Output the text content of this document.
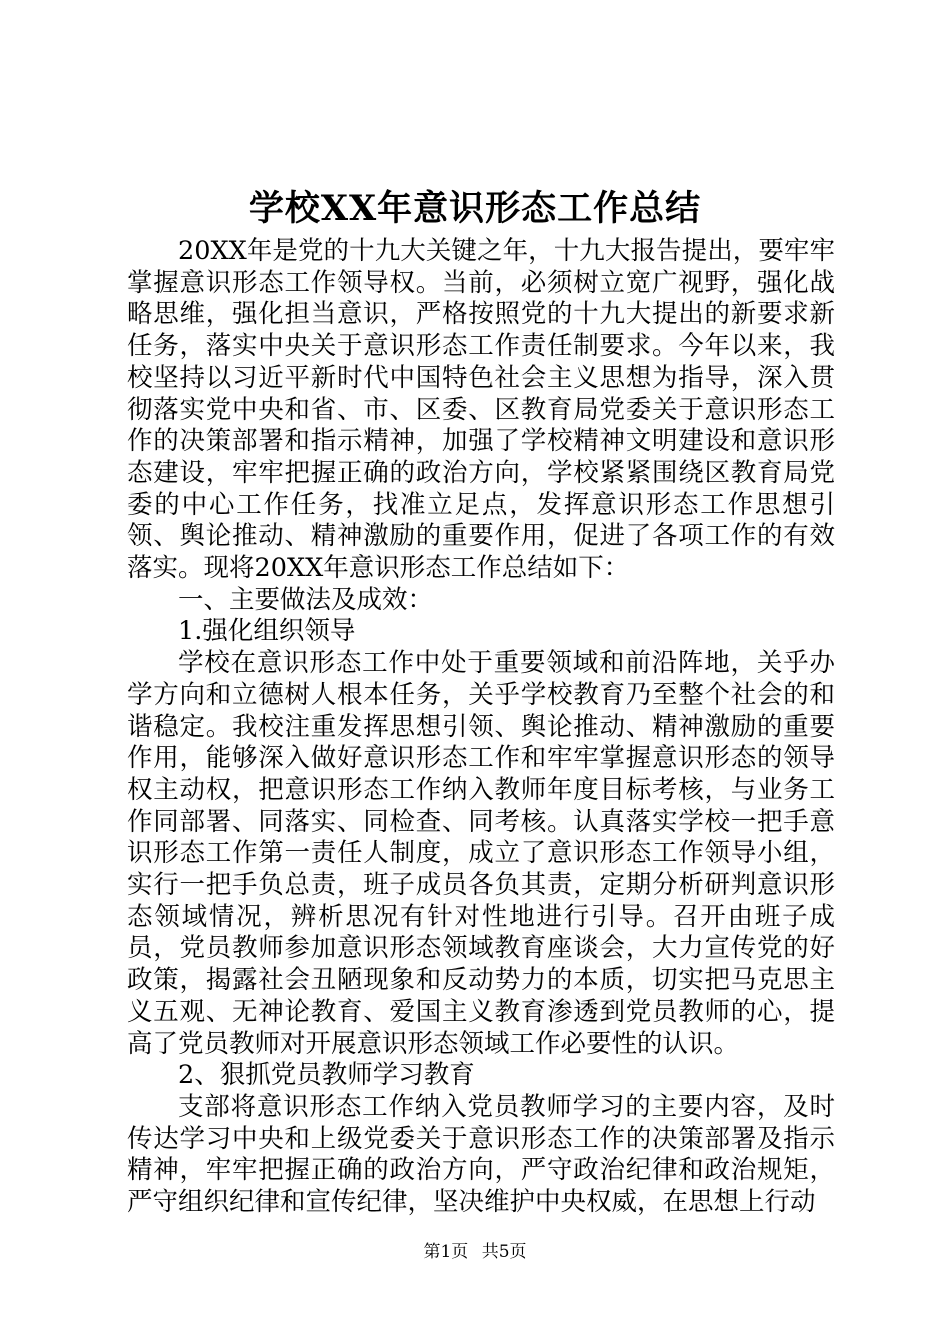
学校XX年意识形态工作总结

20XX年是党的十九大关键之年，十九大报告提出，要牢牢掌握意识形态工作领导权。当前，必须树立宽广视野，强化战略思维，强化担当意识，严格按照党的十九大提出的新要求新任务，落实中央关于意识形态工作责任制要求。今年以来，我校坚持以习近平新时代中国特色社会主义思想为指导，深入贯彻落实党中央和省、市、区委、区教育局党委关于意识形态工作的决策部署和指示精神，加强了学校精神文明建设和意识形态建设，牢牢把握正确的政治方向，学校紧紧围绕区教育局党委的中心工作任务，找准立足点，发挥意识形态工作思想引领、舆论推动、精神激励的重要作用，促进了各项工作的有效落实。现将20XX年意识形态工作总结如下：

一、主要做法及成效：

1.强化组织领导

学校在意识形态工作中处于重要领域和前沿阵地，关乎办学方向和立德树人根本任务，关乎学校教育乃至整个社会的和谐稳定。我校注重发挥思想引领、舆论推动、精神激励的重要作用，能够深入做好意识形态工作和牢牢掌握意识形态的领导权主动权，把意识形态工作纳入教师年度目标考核，与业务工作同部署、同落实、同检查、同考核。认真落实学校一把手意识形态工作第一责任人制度，成立了意识形态工作领导小组，实行一把手负总责，班子成员各负其责，定期分析研判意识形态领域情况，辨析思况有针对性地进行引导。召开由班子成员，党员教师参加意识形态领域教育座谈会，大力宣传党的好政策，揭露社会丑陋现象和反动势力的本质，切实把马克思主义五观、无神论教育、爱国主义教育渗透到党员教师的心，提高了党员教师对开展意识形态领域工作必要性的认识。

2、狠抓党员教师学习教育

支部将意识形态工作纳入党员教师学习的主要内容，及时传达学习中央和上级党委关于意识形态工作的决策部署及指示精神，牢牢把握正确的政治方向，严守政治纪律和政治规矩，严守组织纪律和宣传纪律，坚决维护中央权威，在思想上行动

第1页 共5页
